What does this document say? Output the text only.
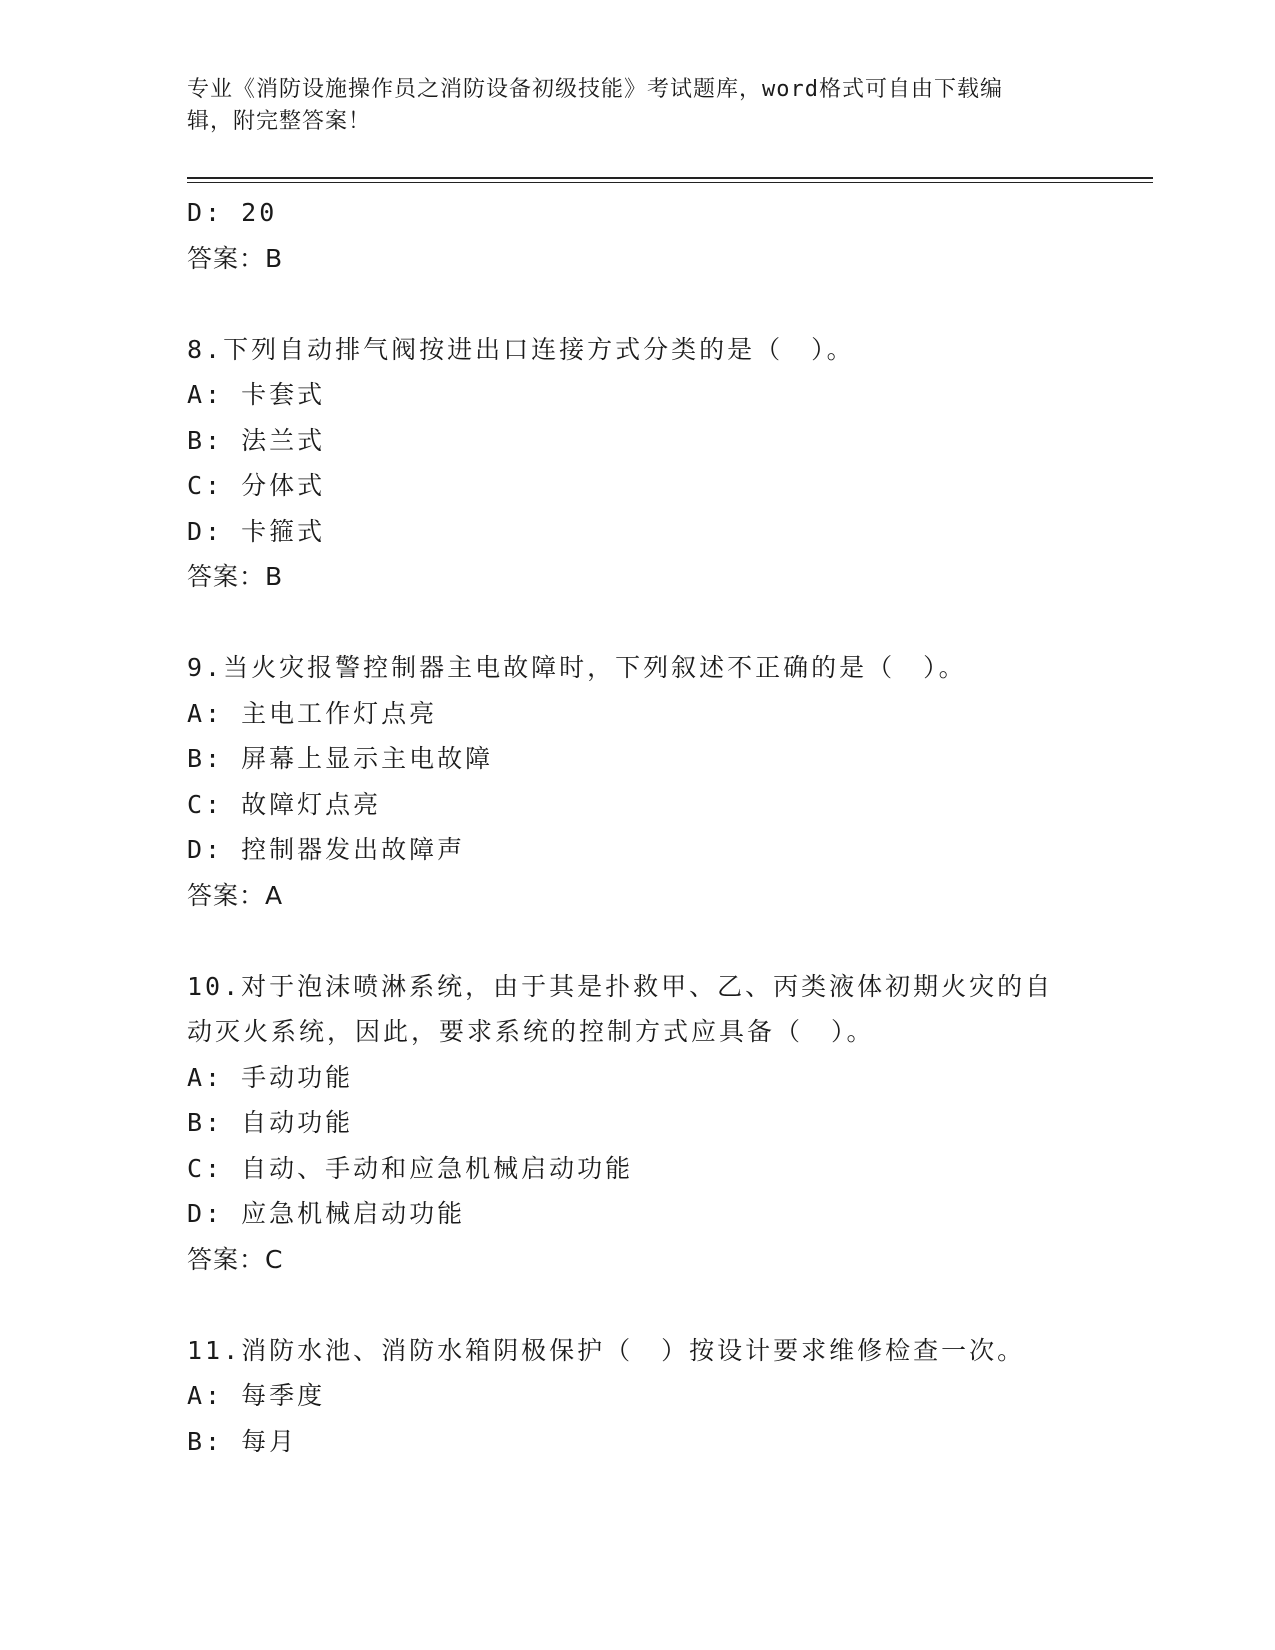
专业《消防设施操作员之消防设备初级技能》考试题库，word格式可自由下载编
辑，附完整答案！
D: 20
答案：B
8.下列自动排气阀按进出口连接方式分类的是（　）。
A: 卡套式
B: 法兰式
C: 分体式
D: 卡箍式
答案：B
9.当火灾报警控制器主电故障时，下列叙述不正确的是（　）。
A: 主电工作灯点亮
B: 屏幕上显示主电故障
C: 故障灯点亮
D: 控制器发出故障声
答案：A
10.对于泡沫喷淋系统，由于其是扑救甲、乙、丙类液体初期火灾的自
动灭火系统，因此，要求系统的控制方式应具备（　）。
A: 手动功能
B: 自动功能
C: 自动、手动和应急机械启动功能
D: 应急机械启动功能
答案：C
11.消防水池、消防水箱阴极保护（　）按设计要求维修检查一次。
A: 每季度
B: 每月
